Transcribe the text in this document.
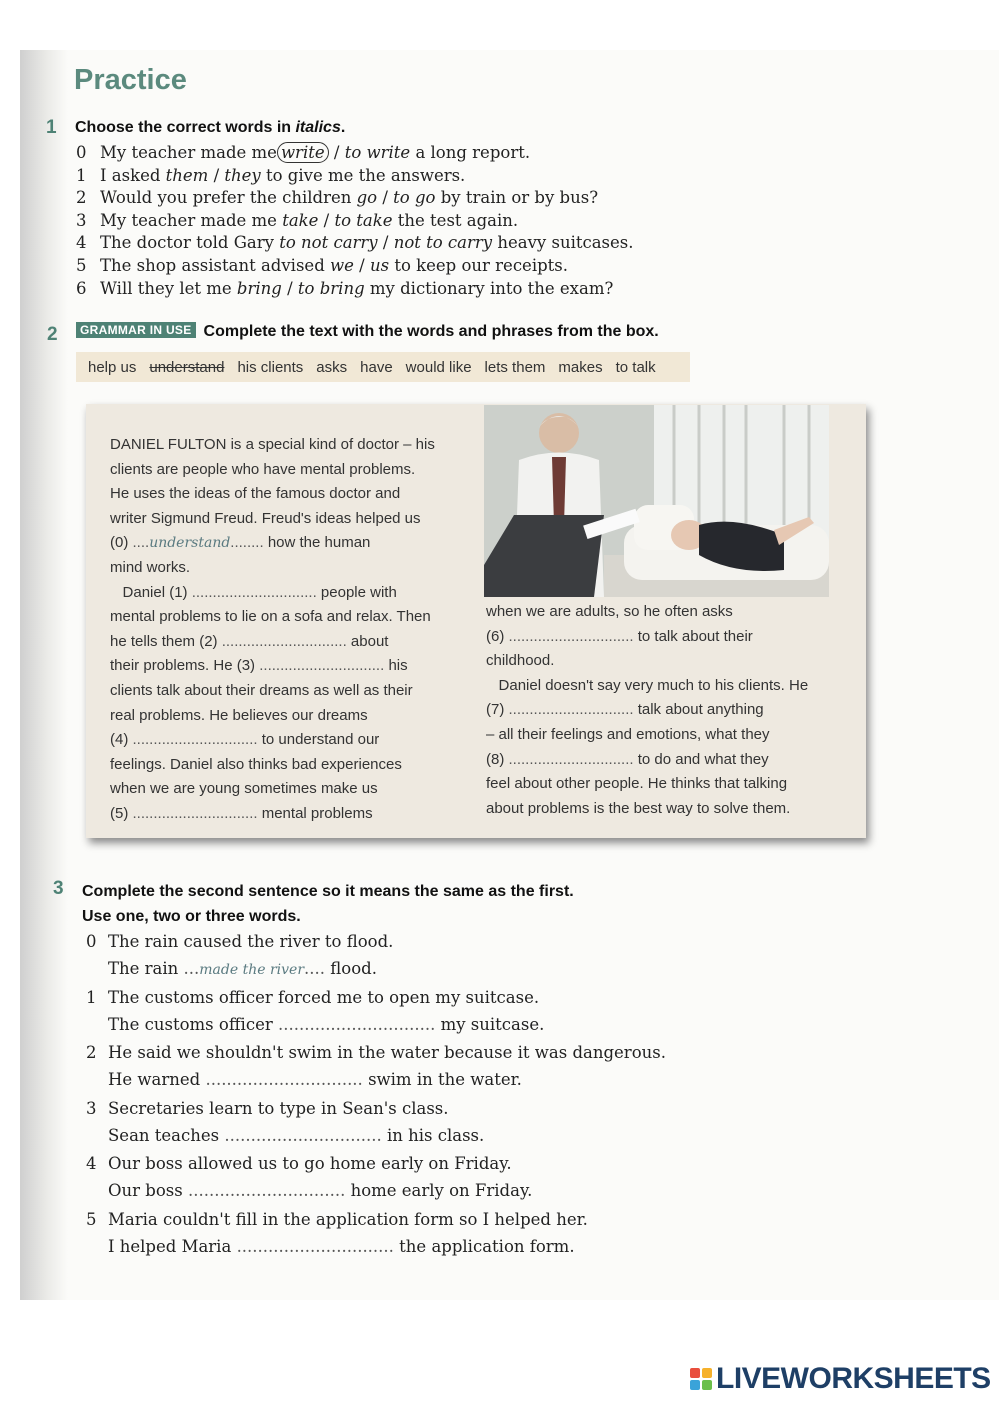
Practice
1 Choose the correct words in italics.
0 My teacher made me write / to write a long report.
1 I asked them / they to give me the answers.
2 Would you prefer the children go / to go by train or by bus?
3 My teacher made me take / to take the test again.
4 The doctor told Gary to not carry / not to carry heavy suitcases.
5 The shop assistant advised we / us to keep our receipts.
6 Will they let me bring / to bring my dictionary into the exam?
2	GRAMMAR IN USE Complete the text with the words and phrases from the box.
help us understand his clients asks have would like lets them makes to talk

DANIEL FULTON is a special kind of doctor – his

clients are people who have mental problems.

He uses the ideas of the famous doctor and

writer Sigmund Freud. Freud's ideas helped us

(0) ....understand........ how the human

mind works.

Daniel (1) .............................. people with

mental problems to lie on a sofa and relax. Then

he tells them (2) .............................. about

their problems. He (3) .............................. his

clients talk about their dreams as well as their

real problems. He believes our dreams

(4) .............................. to understand our

feelings. Daniel also thinks bad experiences

when we are young sometimes make us

(5) .............................. mental problems

when we are adults, so he often asks

(6) .............................. to talk about their

childhood.

Daniel doesn't say very much to his clients. He

(7) .............................. talk about anything

– all their feelings and emotions, what they

(8) .............................. to do and what they

feel about other people. He thinks that talking

about problems is the best way to solve them.

3 Complete the second sentence so it means the same as the first.
Use one, two or three words.
0 The rain caused the river to flood.
The rain ...made the river.... flood.
1 The customs officer forced me to open my suitcase.
The customs officer .............................. my suitcase.
2 He said we shouldn't swim in the water because it was dangerous.
He warned .............................. swim in the water.
3 Secretaries learn to type in Sean's class.
Sean teaches .............................. in his class.
4 Our boss allowed us to go home early on Friday.
Our boss .............................. home early on Friday.
5 Maria couldn't fill in the application form so I helped her.
I helped Maria .............................. the application form.
LIVEWORKSHEETS
